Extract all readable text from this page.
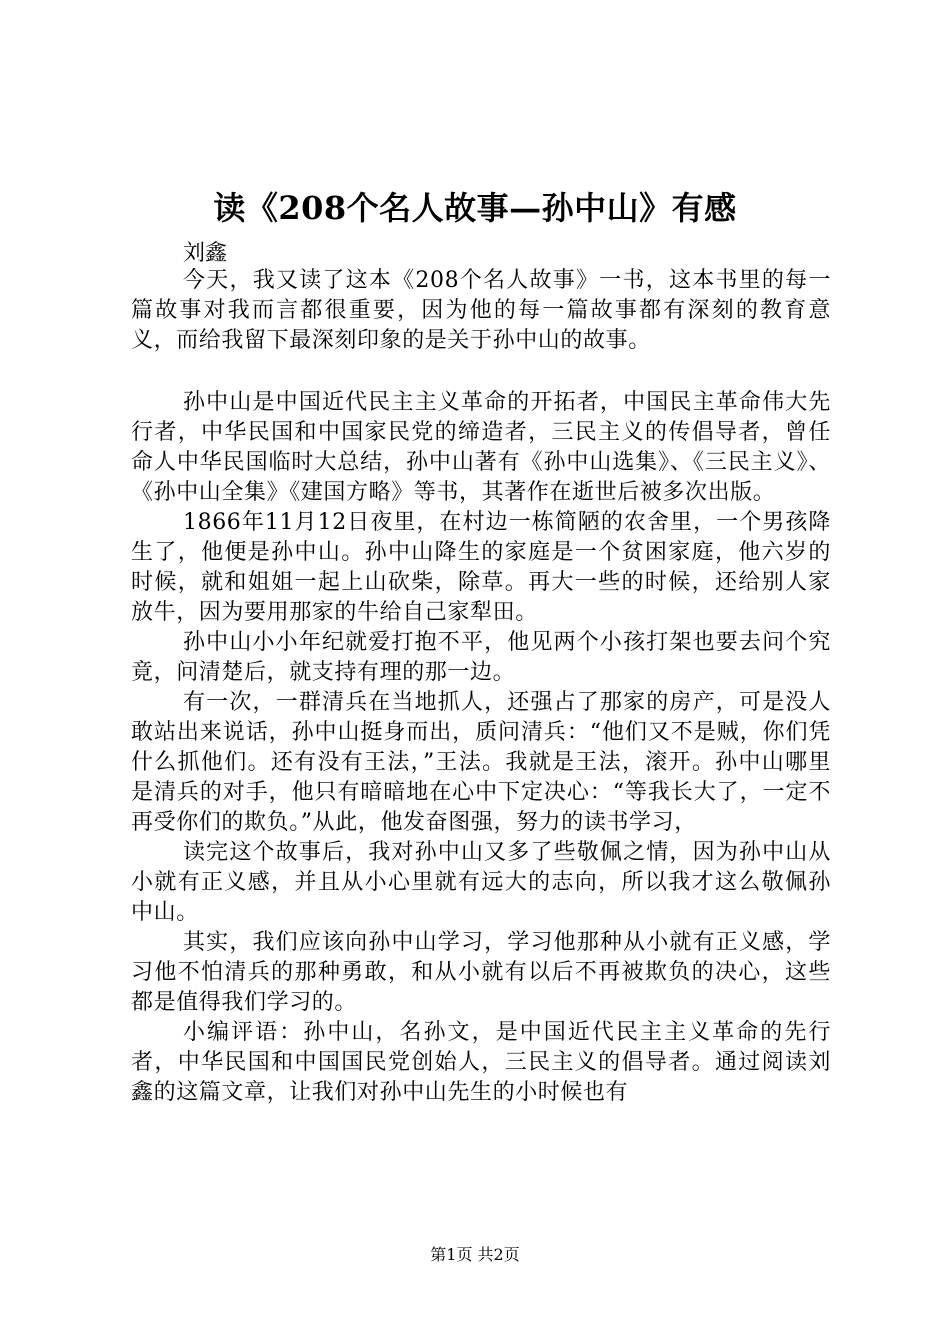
读《208个名人故事—孙中山》有感
刘鑫

今天，我又读了这本《208个名人故事》一书，这本书里的每一篇故事对我而言都很重要，因为他的每一篇故事都有深刻的教育意义，而给我留下最深刻印象的是关于孙中山的故事。

孙中山是中国近代民主主义革命的开拓者，中国民主革命伟大先行者，中华民国和中国家民党的缔造者，三民主义的传倡导者，曾任命人中华民国临时大总结，孙中山著有《孙中山选集》、《三民主义》、《孙中山全集》《建国方略》等书，其著作在逝世后被多次出版。

1866年11月12日夜里，在村边一栋简陋的农舍里，一个男孩降生了，他便是孙中山。孙中山降生的家庭是一个贫困家庭，他六岁的时候，就和姐姐一起上山砍柴，除草。再大一些的时候，还给别人家放牛，因为要用那家的牛给自己家犁田。

孙中山小小年纪就爱打抱不平，他见两个小孩打架也要去问个究竟，问清楚后，就支持有理的那一边。

有一次，一群清兵在当地抓人，还强占了那家的房产，可是没人敢站出来说话，孙中山挺身而出，质问清兵：“他们又不是贼，你们凭什么抓他们。还有没有王法，”王法。我就是王法，滚开。孙中山哪里是清兵的对手，他只有暗暗地在心中下定决心：“等我长大了，一定不再受你们的欺负。”从此，他发奋图强，努力的读书学习，

读完这个故事后，我对孙中山又多了些敬佩之情，因为孙中山从小就有正义感，并且从小心里就有远大的志向，所以我才这么敬佩孙中山。

其实，我们应该向孙中山学习，学习他那种从小就有正义感，学习他不怕清兵的那种勇敢，和从小就有以后不再被欺负的决心，这些都是值得我们学习的。

小编评语：孙中山，名孙文，是中国近代民主主义革命的先行者，中华民国和中国国民党创始人，三民主义的倡导者。通过阅读刘鑫的这篇文章，让我们对孙中山先生的小时候也有

第1页 共2页
